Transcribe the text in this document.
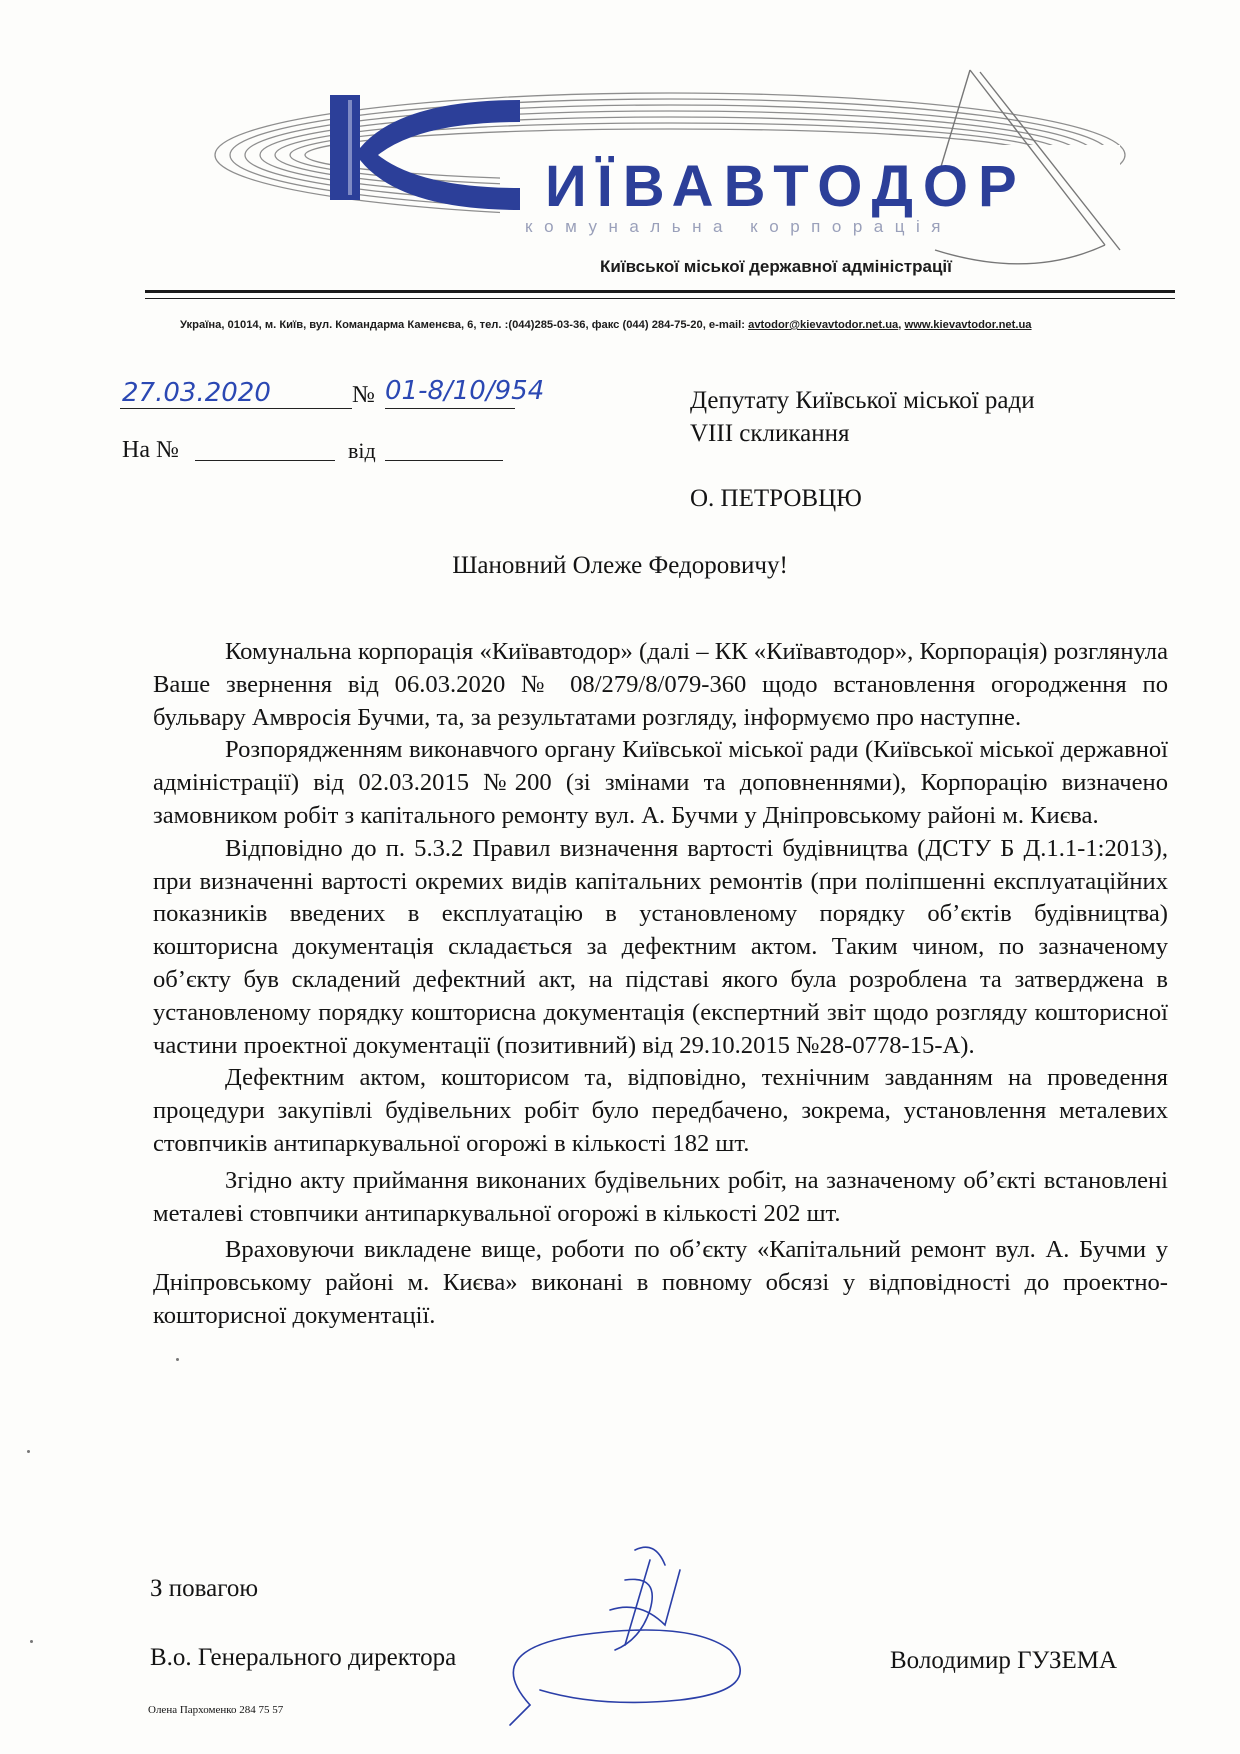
ИЇВАВТОДОР
комунальна корпорація
Київської міської державної адміністрації
Україна, 01014, м. Київ, вул. Командарма Каменєва, 6, тел. :(044)285-03-36, факс (044) 284-75-20, e-mail: avtodor@kievavtodor.net.ua, www.kievavtodor.net.ua
27.03.2020	№ 01-8/10/954
На №	від
Депутату Київської міської ради
VIII скликання
О. ПЕТРОВЦЮ
Шановний Олеже Федоровичу!

Комунальна корпорація «Київавтодор» (далі – КК «Київавтодор», Корпорація) розглянула Ваше звернення від 06.03.2020 № 08/279/8/079-360 щодо встановлення огородження по бульвару Амвросія Бучми, та, за результатами розгляду, інформуємо про наступне.

Розпорядженням виконавчого органу Київської міської ради (Київської міської державної адміністрації) від 02.03.2015 №200 (зі змінами та доповненнями), Корпорацію визначено замовником робіт з капітального ремонту вул. А. Бучми у Дніпровському районі м. Києва.

Відповідно до п. 5.3.2 Правил визначення вартості будівництва (ДСТУ Б Д.1.1-1:2013), при визначенні вартості окремих видів капітальних ремонтів (при поліпшенні експлуатаційних показників введених в експлуатацію в установленому порядку об’єктів будівництва) кошторисна документація складається за дефектним актом. Таким чином, по зазначеному об’єкту був складений дефектний акт, на підставі якого була розроблена та затверджена в установленому порядку кошторисна документація (експертний звіт щодо розгляду кошторисної частини проектної документації (позитивний) від 29.10.2015 №28-0778-15-А).

Дефектним актом, кошторисом та, відповідно, технічним завданням на проведення процедури закупівлі будівельних робіт було передбачено, зокрема, установлення металевих стовпчиків антипаркувальної огорожі в кількості 182 шт.

Згідно акту приймання виконаних будівельних робіт, на зазначеному об’єкті встановлені металеві стовпчики антипаркувальної огорожі в кількості 202 шт.

Враховуючи викладене вище, роботи по об’єкту «Капітальний ремонт вул. А. Бучми у Дніпровському районі м. Києва» виконані в повному обсязі у відповідності до проектно-кошторисної документації.

З повагою
В.о. Генерального директора	Володимир ГУЗЕМА
Олена Пархоменко 284 75 57
